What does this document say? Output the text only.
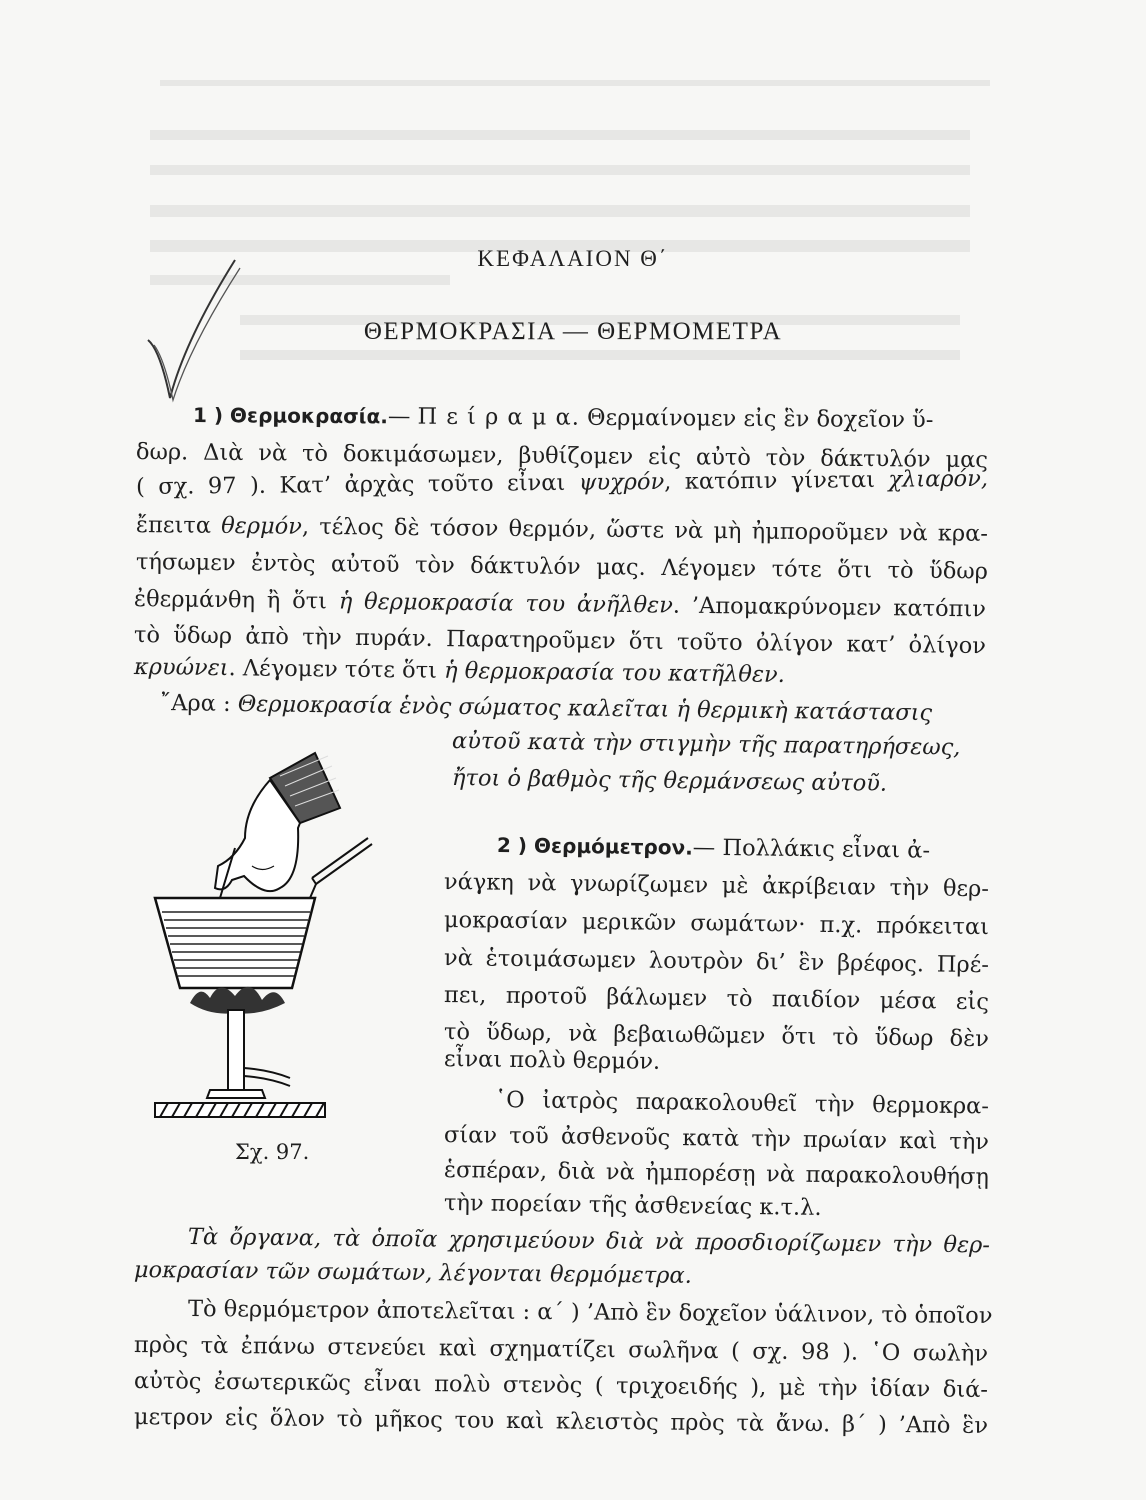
ΚΕΦΑΛΑΙΟΝ Θ΄
ΘΕΡΜΟΚΡΑΣΙΑ — ΘΕΡΜΟΜΕΤΡΑ
1 ) Θερμοκρασία.— Π ε ί ρ α μ α. Θερμαίνομεν εἰς ἓν δοχεῖον ὕ-
δωρ. Διὰ νὰ τὸ δοκιμάσωμεν, βυθίζομεν εἰς αὐτὸ τὸν δάκτυλόν μας
( σχ. 97 ). Κατ’ ἀρχὰς τοῦτο εἶναι ψυχρόν, κατόπιν γίνεται χλιαρόν,
ἔπειτα θερμόν, τέλος δὲ τόσον θερμόν, ὥστε νὰ μὴ ἠμποροῦμεν νὰ κρα-
τήσωμεν ἐντὸς αὐτοῦ τὸν δάκτυλόν μας. Λέγομεν τότε ὅτι τὸ ὕδωρ
ἐθερμάνθη ἢ ὅτι ἡ θερμοκρασία του ἀνῆλθεν. ’Απομακρύνομεν κατόπιν
τὸ ὕδωρ ἀπὸ τὴν πυράν. Παρατηροῦμεν ὅτι τοῦτο ὀλίγον κατ’ ὀλίγον
κρυώνει. Λέγομεν τότε ὅτι ἡ θερμοκρασία του κατῆλθεν.
῎Αρα : Θερμοκρασία ἑνὸς σώματος καλεῖται ἡ θερμικὴ κατάστασις
αὐτοῦ κατὰ τὴν στιγμὴν τῆς παρατηρήσεως,
ἤτοι ὁ βαθμὸς τῆς θερμάνσεως αὐτοῦ.
Σχ. 97.
2 ) Θερμόμετρον.— Πολλάκις εἶναι ἀ-
νάγκη νὰ γνωρίζωμεν μὲ ἀκρίβειαν τὴν θερ-
μοκρασίαν μερικῶν σωμάτων· π.χ. πρόκειται
νὰ ἑτοιμάσωμεν λουτρὸν δι’ ἓν βρέφος. Πρέ-
πει, προτοῦ βάλωμεν τὸ παιδίον μέσα εἰς
τὸ ὕδωρ, νὰ βεβαιωθῶμεν ὅτι τὸ ὕδωρ δὲν
εἶναι πολὺ θερμόν.
῾Ο ἰατρὸς παρακολουθεῖ τὴν θερμοκρα-
σίαν τοῦ ἀσθενοῦς κατὰ τὴν πρωίαν καὶ τὴν
ἑσπέραν, διὰ νὰ ἠμπορέσῃ νὰ παρακολουθήσῃ
τὴν πορείαν τῆς ἀσθενείας κ.τ.λ.
Τὰ ὄργανα, τὰ ὁποῖα χρησιμεύουν διὰ νὰ προσδιορίζωμεν τὴν θερ-
μοκρασίαν τῶν σωμάτων, λέγονται θερμόμετρα.
Τὸ θερμόμετρον ἀποτελεῖται : α΄ ) ’Απὸ ἓν δοχεῖον ὑάλινον, τὸ ὁποῖον
πρὸς τὰ ἐπάνω στενεύει καὶ σχηματίζει σωλῆνα ( σχ. 98 ). ῾Ο σωλὴν
αὐτὸς ἐσωτερικῶς εἶναι πολὺ στενὸς ( τριχοειδής ), μὲ τὴν ἰδίαν διά-
μετρον εἰς ὅλον τὸ μῆκος του καὶ κλειστὸς πρὸς τὰ ἄνω. β΄ ) ’Απὸ ἓν
